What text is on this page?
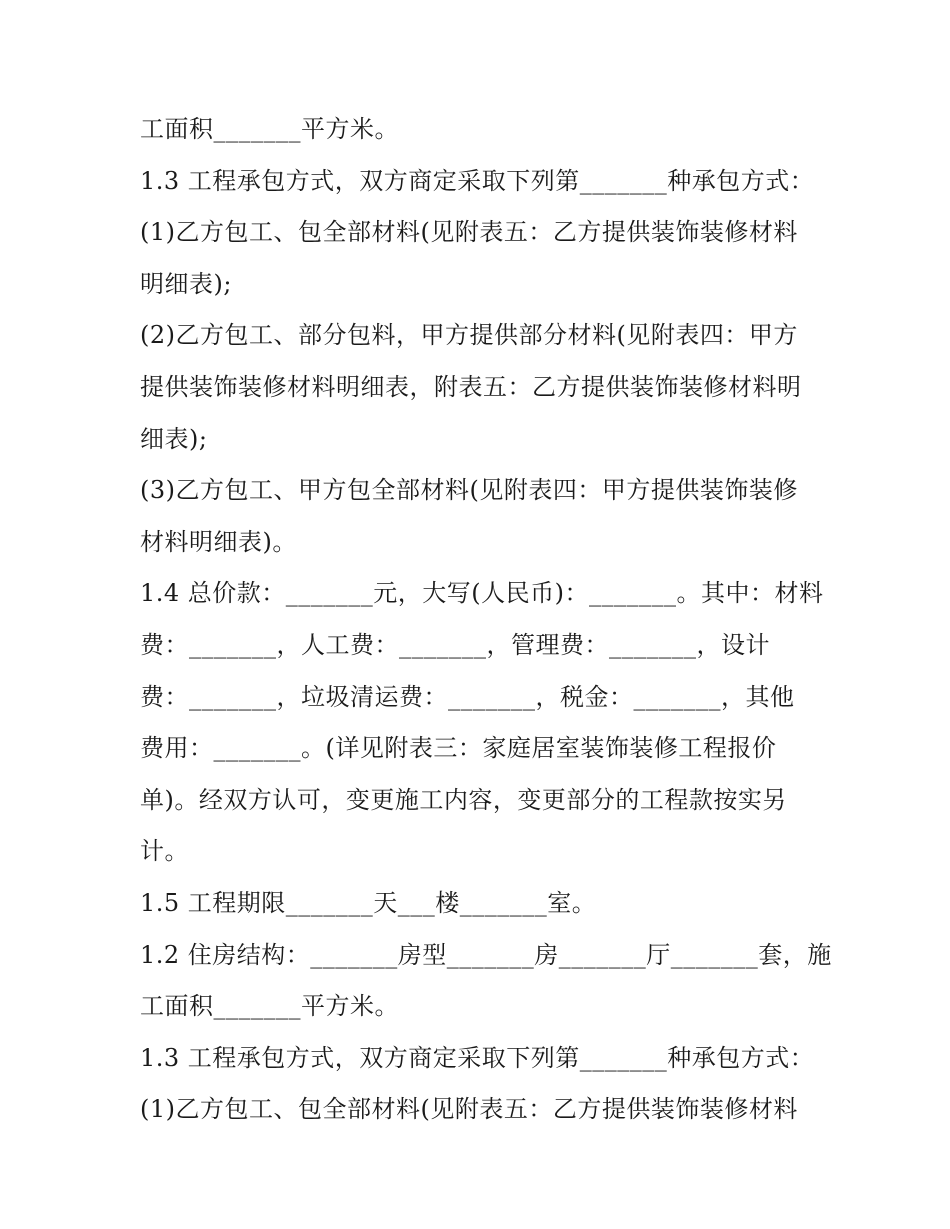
工面积_______平方米。
1.3 工程承包方式，双方商定采取下列第_______种承包方式：
(1)乙方包工、包全部材料(见附表五：乙方提供装饰装修材料
明细表);
(2)乙方包工、部分包料，甲方提供部分材料(见附表四：甲方
提供装饰装修材料明细表，附表五：乙方提供装饰装修材料明
细表);
(3)乙方包工、甲方包全部材料(见附表四：甲方提供装饰装修
材料明细表)。
1.4 总价款：_______元，大写(人民币)：_______。其中：材料
费：_______，人工费：_______，管理费：_______，设计
费：_______，垃圾清运费：_______，税金：_______，其他
费用：_______。(详见附表三：家庭居室装饰装修工程报价
单)。经双方认可，变更施工内容，变更部分的工程款按实另
计。
1.5 工程期限_______天___楼_______室。
1.2 住房结构：_______房型_______房_______厅_______套，施
工面积_______平方米。
1.3 工程承包方式，双方商定采取下列第_______种承包方式：
(1)乙方包工、包全部材料(见附表五：乙方提供装饰装修材料
